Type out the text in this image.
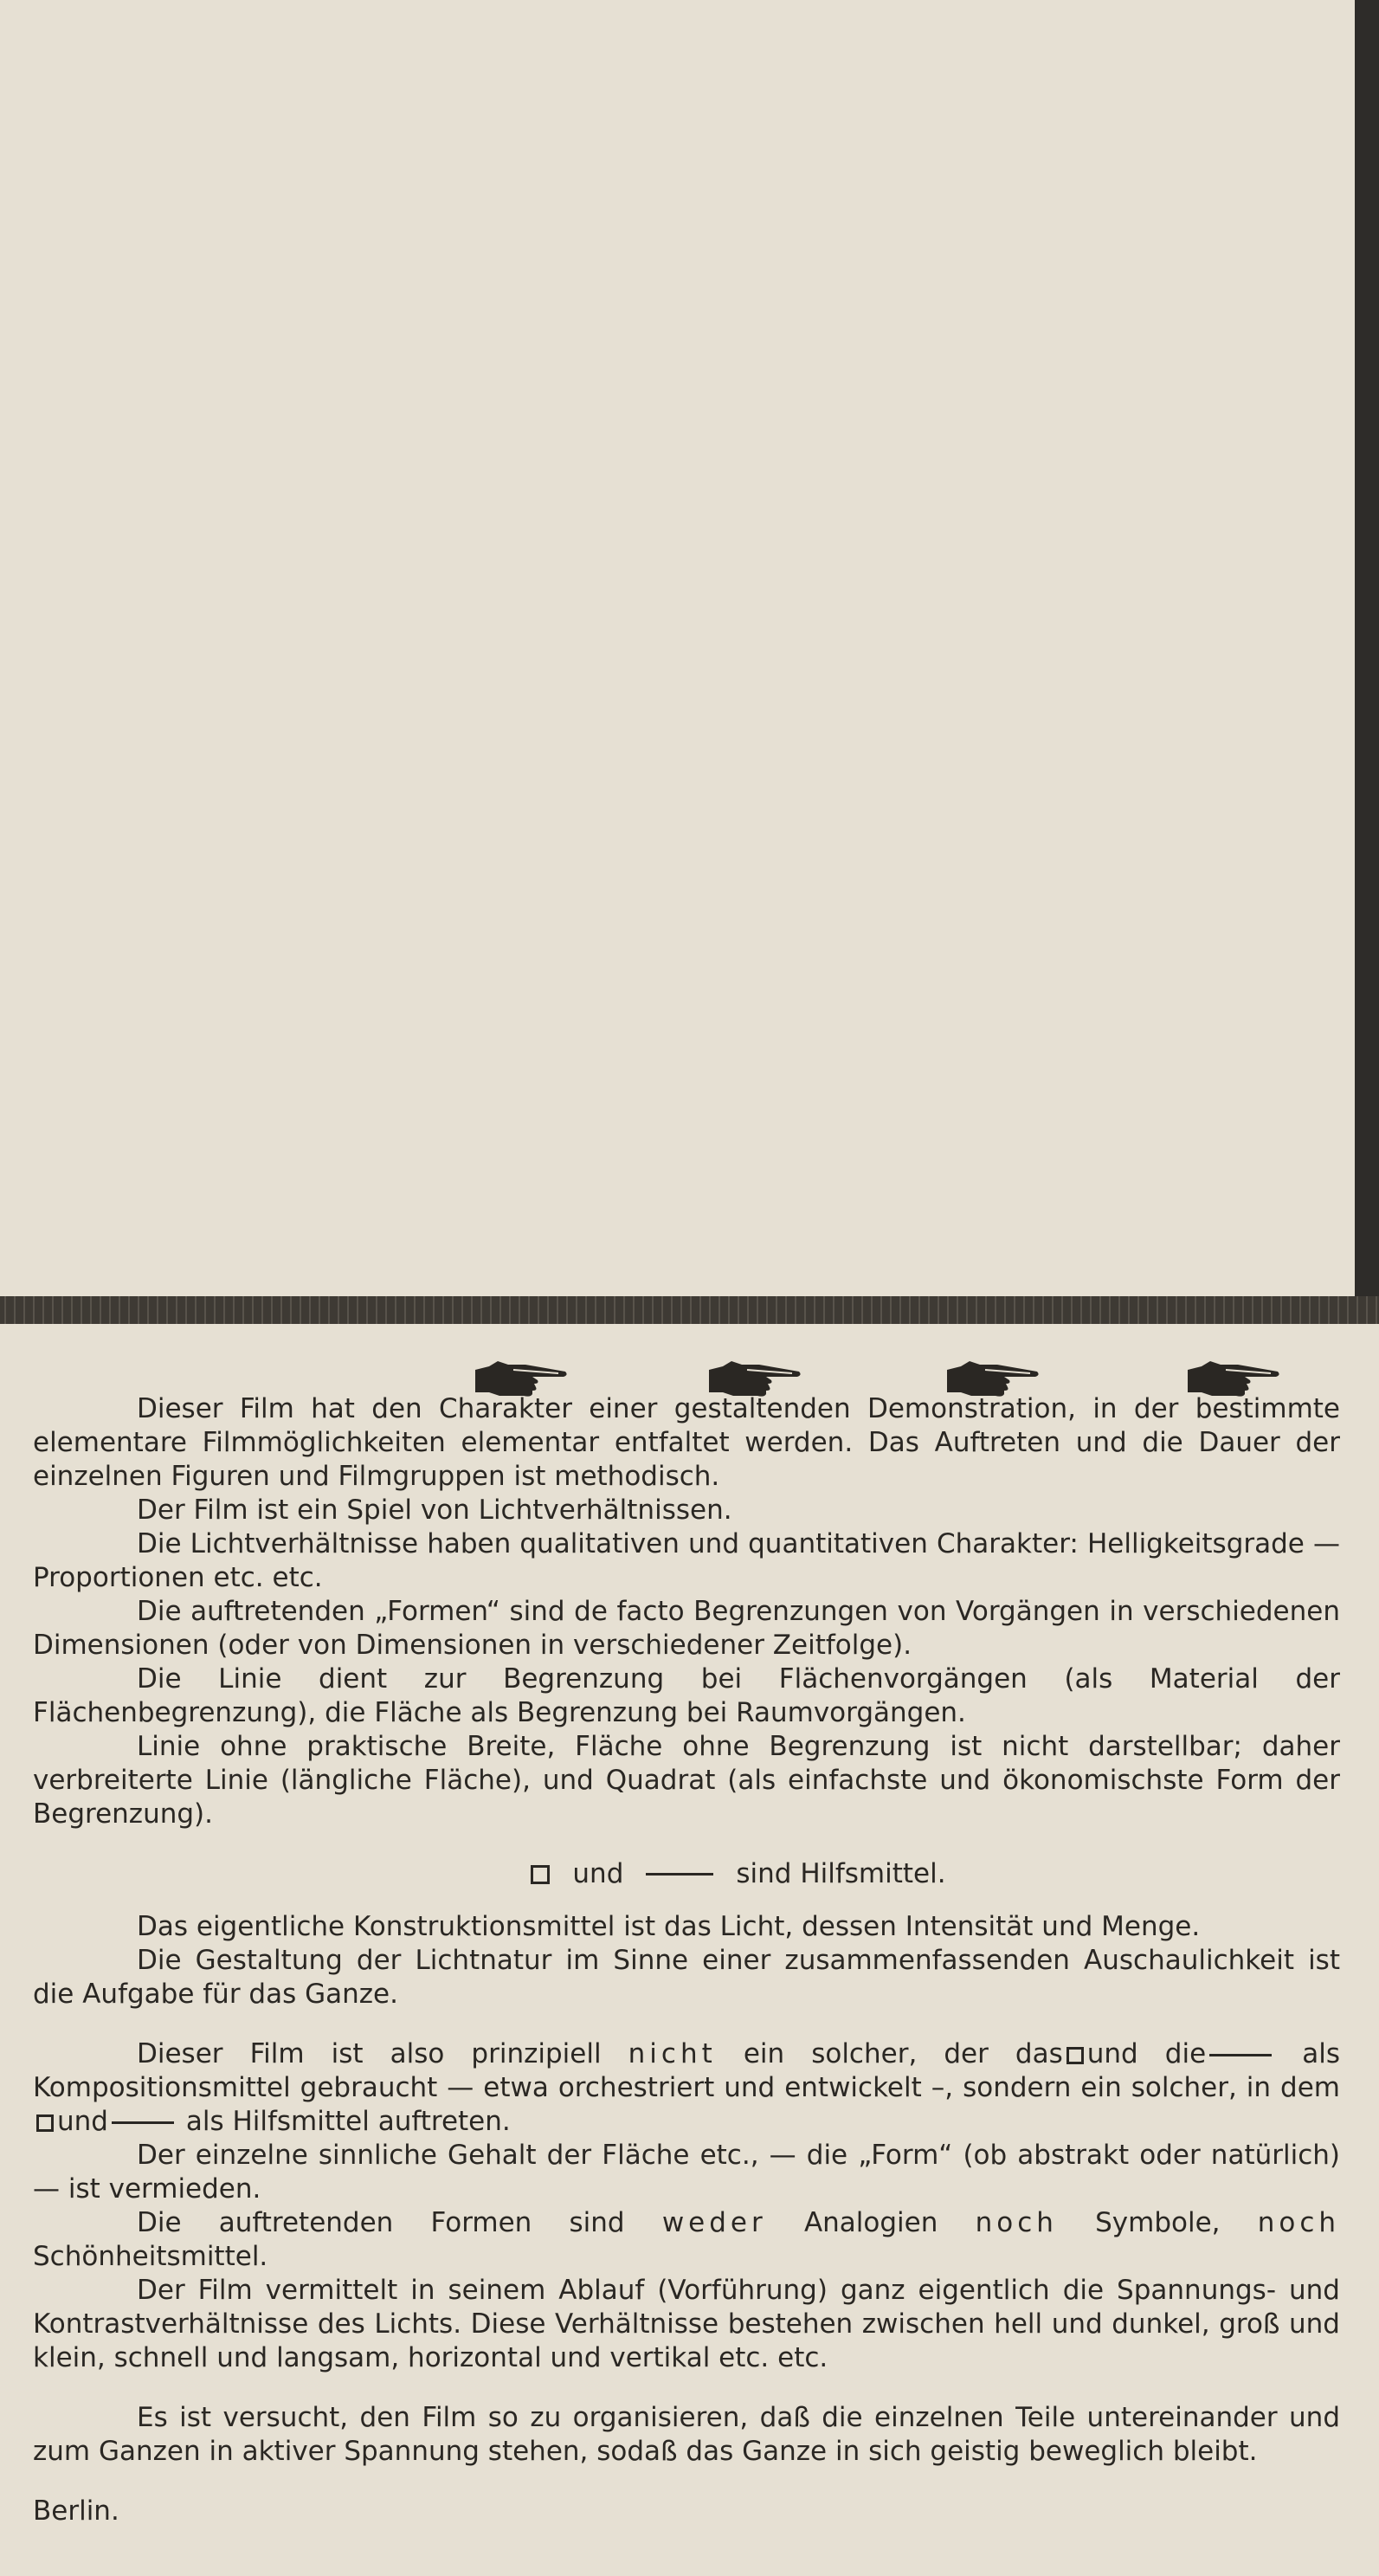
Dieser Film hat den Charakter einer gestaltenden Demonstration, in der bestimmte elementare Filmmöglichkeiten elementar entfaltet werden. Das Auftreten und die Dauer der einzelnen Figuren und Filmgruppen ist methodisch.

Der Film ist ein Spiel von Lichtverhältnissen.

Die Lichtverhältnisse haben qualitativen und quantitativen Charakter: Helligkeitsgrade — Proportionen etc. etc.

Die auftretenden „Formen“ sind de facto Begrenzungen von Vorgängen in verschiedenen Dimensionen (oder von Dimensionen in verschiedener Zeitfolge).

Die Linie dient zur Begrenzung bei Flächenvorgängen (als Material der Flächenbegrenzung), die Fläche als Begrenzung bei Raumvorgängen.

Linie ohne praktische Breite, Fläche ohne Begrenzung ist nicht darstellbar; daher verbreiterte Linie (längliche Fläche), und Quadrat (als einfachste und ökonomischste Form der Begrenzung).

und	sind Hilfsmittel.

Das eigentliche Konstruktionsmittel ist das Licht, dessen Intensität und Menge.

Die Gestaltung der Lichtnatur im Sinne einer zusammenfassenden Auschaulichkeit ist die Aufgabe für das Ganze.

Dieser Film ist also prinzipiell nicht ein solcher, der das und die	als Kompositionsmittel gebraucht — etwa orchestriert und entwickelt –, sondern ein solcher, in demund	als Hilfsmittel auftreten.

Der einzelne sinnliche Gehalt der Fläche etc., — die „Form“ (ob abstrakt oder natürlich) — ist vermieden.

Die auftretenden Formen sind weder Analogien noch Symbole, noch Schönheitsmittel.

Der Film vermittelt in seinem Ablauf (Vorführung) ganz eigentlich die Spannungs- und Kontrastverhältnisse des Lichts. Diese Verhältnisse bestehen zwischen hell und dunkel, groß und klein, schnell und langsam, horizontal und vertikal etc. etc.

Es ist versucht, den Film so zu organisieren, daß die einzelnen Teile untereinander und zum Ganzen in aktiver Spannung stehen, sodaß das Ganze in sich geistig beweglich bleibt.

Berlin.
